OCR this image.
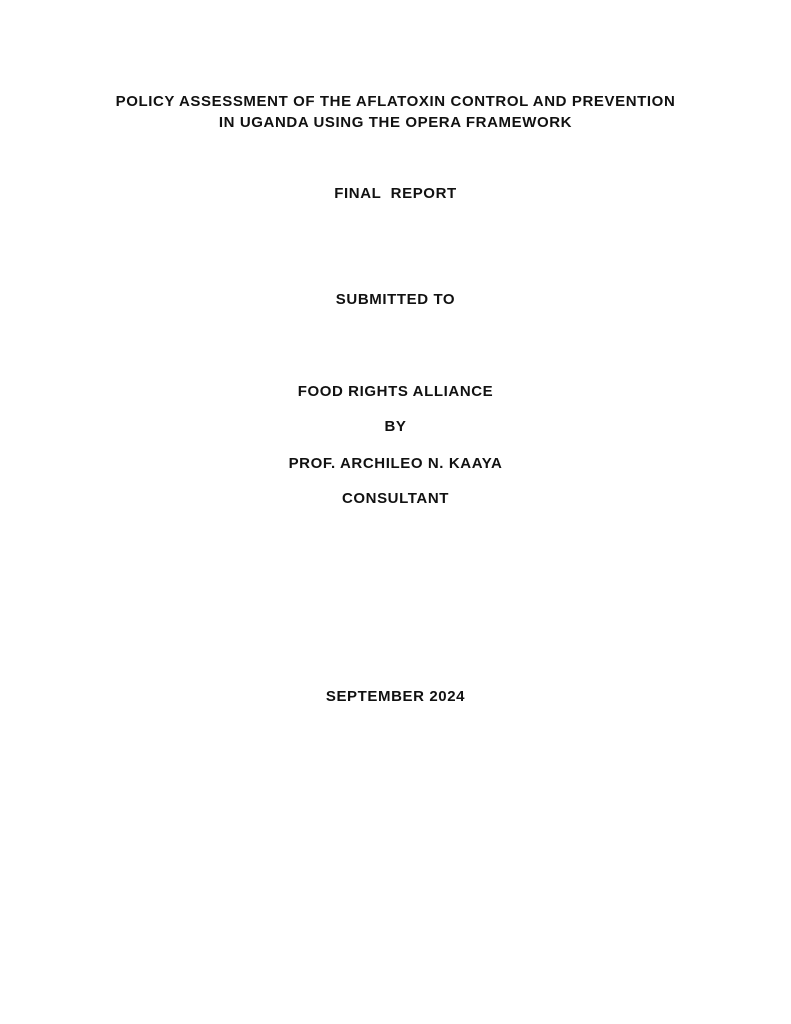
POLICY ASSESSMENT OF THE AFLATOXIN CONTROL AND PREVENTION
IN UGANDA USING THE OPERA FRAMEWORK
FINAL  REPORT
SUBMITTED TO
FOOD RIGHTS ALLIANCE
BY
PROF. ARCHILEO N. KAAYA
CONSULTANT
SEPTEMBER 2024
